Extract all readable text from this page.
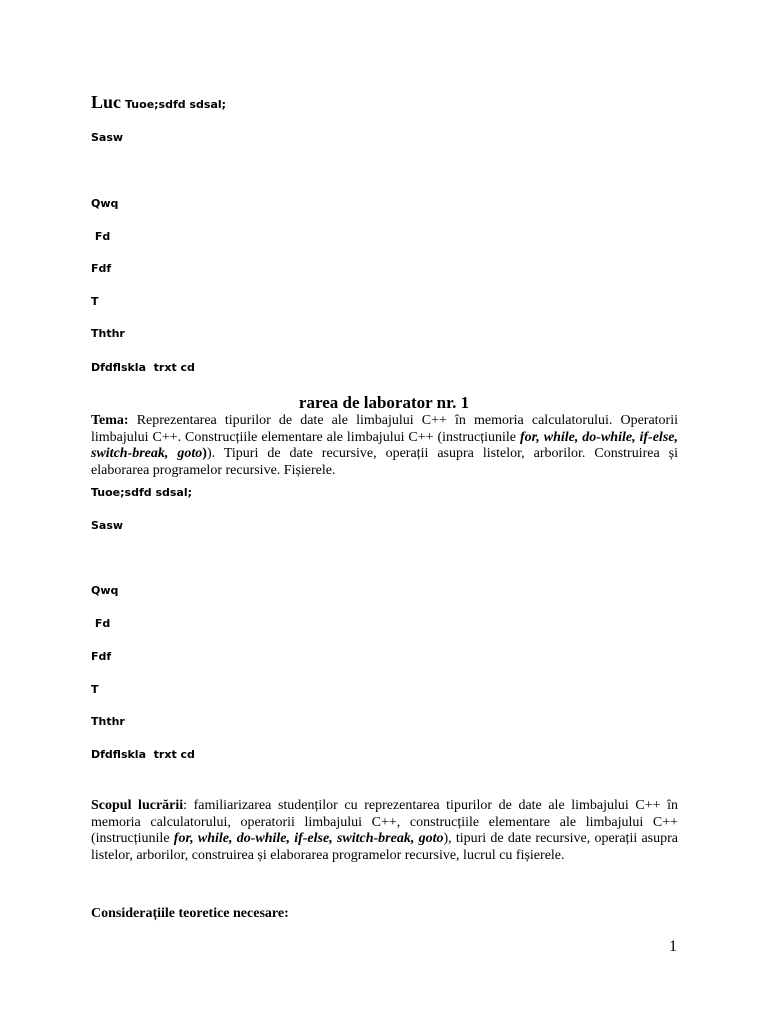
Luc Tuoe;sdfd sdsal;
Sasw
Qwq
Fd
Fdf
T
Ththr
Dfdflskla  trxt cd
rarea de laborator nr. 1
Tema: Reprezentarea tipurilor de date ale limbajului C++ în memoria calculatorului. Operatorii limbajului C++. Construcțiile elementare ale limbajului C++ (instrucțiunile for, while, do-while, if-else, switch-break, goto)). Tipuri de date recursive, operații asupra listelor, arborilor. Construirea și elaborarea programelor recursive. Fișierele.
Tuoe;sdfd sdsal;
Sasw
Qwq
Fd
Fdf
T
Ththr
Dfdflskla  trxt cd
Scopul lucrării: familiarizarea studenților cu reprezentarea tipurilor de date ale limbajului C++ în memoria calculatorului, operatorii limbajului C++, construcțiile elementare ale limbajului C++ (instrucțiunile for, while, do-while, if-else, switch-break, goto), tipuri de date recursive, operații asupra listelor, arborilor, construirea și elaborarea programelor recursive, lucrul cu fișierele.
Considerațiile teoretice necesare:
1
